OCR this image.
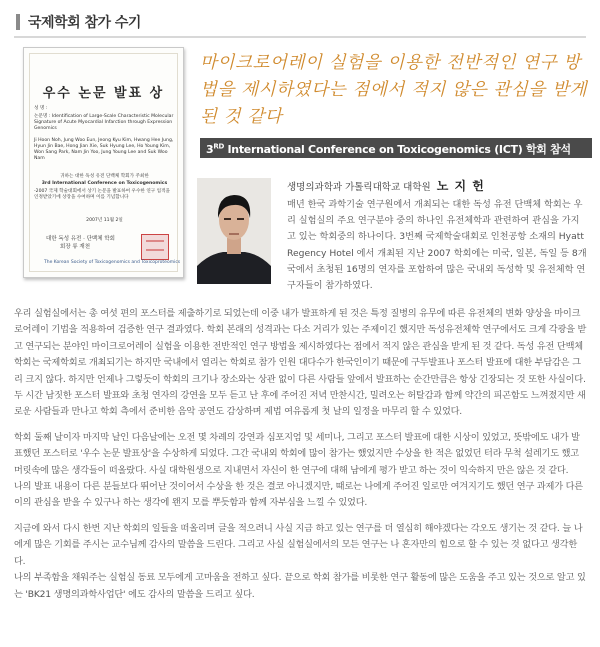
국제학회 참가 수기
우수 논문 발표 상
성 명 :
논문명 : Identification of Large-Scale Characteristic Molecular Signature of Acute Myocardial Infarction through Expression Genomics
Ji Hoon Noh, Jung Woo Eun, Jeong Kyu Kim, Hwang Hee Jung, Hyun Jin Bae, Hong Jian Xie, Suk Hyung Lee, Ho Young Kim, Won Sang Park, Nam Jin Yoo, Jung Young Lee and Suk Woo Nam
귀하는 대한 독성 유전 단백체 학회가 주최한
3rd International Conference on Toxicogenomics
-2007 국제 학술대회에서 상기 논문을 발표하여 우수한 연구 업적을 인정받았기에 상장을 수여하며 이를 기념합니다
2007년 11월 2일
대한 독성 유전 · 단백체 학회
회장 류 재천
The Korean Society of Toxicogenomics and Toxicoproteomics
마이크로어레이 실험을 이용한 전반적인 연구 방법을 제시하였다는 점에서 적지 않은 관심을 받게 된 것 같다
3RD International Conference on Toxicogenomics (ICT) 학회 참석
생명의과학과 가톨릭대학교 대학원 노 지 헌
매년 한국 과학기술 연구원에서 개최되는 대한 독성 유전 단백체 학회는 우리 실험실의 주요 연구분야 중의 하나인 유전체학과 관련하여 관심을 가지고 있는 학회중의 하나이다. 3번째 국제학술대회로 인천공항 소재의 Hyatt Regency Hotel 에서 개최된 지난 2007 학회에는 미국, 일본, 독일 등 8개국에서 초청된 16명의 연자를 포함하여 많은 국내외 독성학 및 유전체학 연구자들이 참가하였다.

우리 실험실에서는 총 여섯 편의 포스터를 제출하기로 되었는데 이중 내가 발표하게 된 것은 특정 질병의 유무에 따른 유전체의 변화 양상을 마이크로어레이 기법을 적용하여 검증한 연구 결과였다. 학회 본래의 성격과는 다소 거리가 있는 주제이긴 했지만 독성유전체학 연구에서도 크게 각광을 받고 연구되는 분야인 마이크로어레이 실험을 이용한 전반적인 연구 방법을 제시하였다는 점에서 적지 않은 관심을 받게 된 것 같다. 독성 유전 단백체 학회는 국제학회로 개최되기는 하지만 국내에서 열리는 학회로 참가 인원 대다수가 한국인이기 때문에 구두발표나 포스터 발표에 대한 부담감은 그리 크지 않다. 하지만 언제나 그렇듯이 학회의 크기나 장소와는 상관 없이 다른 사람들 앞에서 발표하는 순간만큼은 항상 긴장되는 것 또한 사실이다. 두 시간 남짓한 포스터 발표와 초청 연자의 강연을 모두 듣고 난 후에 주어진 저녁 만찬시간, 밀려오는 허탈감과 함께 약간의 피곤함도 느껴졌지만 새로운 사람들과 만나고 학회 측에서 준비한 음악 공연도 감상하며 제법 여유롭게 첫 날의 일정을 마무리 할 수 있었다.

학회 둘째 날이자 마지막 날인 다음날에는 오전 몇 차례의 강연과 심포지엄 및 세미나, 그리고 포스터 발표에 대한 시상이 있었고, 뜻밖에도 내가 발표했던 포스터로 '우수 논문 발표상'을 수상하게 되었다. 그간 국내외 학회에 많이 참가는 했었지만 수상을 한 적은 없었던 터라 무척 설레기도 했고 머릿속에 많은 생각들이 떠올랐다. 사실 대학원생으로 지내면서 자신이 한 연구에 대해 남에게 평가 받고 하는 것이 익숙하지 만은 않은 것 같다.

나의 발표 내용이 다른 분들보다 뛰어난 것이어서 수상을 한 것은 결코 아니겠지만, 때로는 나에게 주어진 일로만 여겨지기도 했던 연구 과제가 다른 이의 관심을 받을 수 있구나 하는 생각에 왠지 모를 뿌듯함과 함께 자부심을 느낄 수 있었다.

지금에 와서 다시 한번 지난 학회의 일들을 떠올리며 글을 적으려니 사실 지금 하고 있는 연구를 더 열심히 해야겠다는 각오도 생기는 것 같다. 늘 나에게 많은 기회를 주시는 교수님께 감사의 말씀을 드린다. 그리고 사실 실험실에서의 모든 연구는 나 혼자만의 힘으로 할 수 있는 것 없다고 생각한다.

나의 부족함을 채워주는 실험실 동료 모두에게 고마움을 전하고 싶다. 끝으로 학회 참가를 비롯한 연구 활동에 많은 도움을 주고 있는 것으로 알고 있는 'BK21 생명의과학사업단' 에도 감사의 말씀을 드리고 싶다.
